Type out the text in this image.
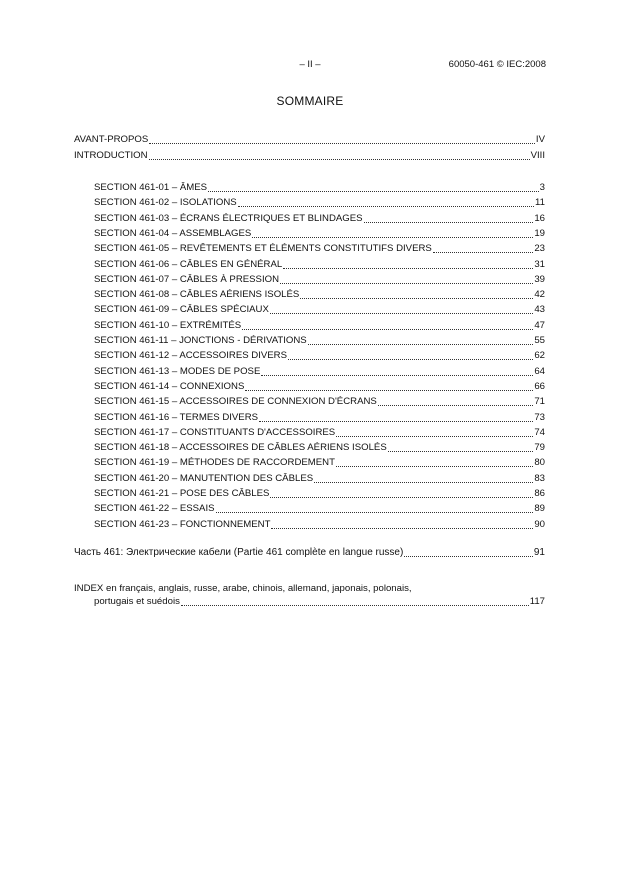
– II –	60050-461 © IEC:2008
SOMMAIRE
AVANT-PROPOS	IV
INTRODUCTION	VIII
SECTION 461-01 – ÂMES	3
SECTION 461-02 – ISOLATIONS	11
SECTION 461-03 – ÉCRANS ÉLECTRIQUES ET BLINDAGES	16
SECTION 461-04 – ASSEMBLAGES	19
SECTION 461-05 – REVÊTEMENTS ET ÉLÉMENTS CONSTITUTIFS DIVERS	23
SECTION 461-06 – CÂBLES EN GÉNÉRAL	31
SECTION 461-07 – CÂBLES À PRESSION	39
SECTION 461-08 – CÂBLES AÉRIENS ISOLÉS	42
SECTION 461-09 – CÂBLES SPÉCIAUX	43
SECTION 461-10 – EXTRÉMITÉS	47
SECTION 461-11 – JONCTIONS - DÉRIVATIONS	55
SECTION 461-12 – ACCESSOIRES DIVERS	62
SECTION 461-13 – MODES DE POSE	64
SECTION 461-14 – CONNEXIONS	66
SECTION 461-15 – ACCESSOIRES DE CONNEXION D'ÉCRANS	71
SECTION 461-16 – TERMES DIVERS	73
SECTION 461-17 – CONSTITUANTS D'ACCESSOIRES	74
SECTION 461-18 – ACCESSOIRES DE CÂBLES AÉRIENS ISOLÉS	79
SECTION 461-19 – MÉTHODES DE RACCORDEMENT	80
SECTION 461-20 – MANUTENTION DES CÂBLES	83
SECTION 461-21 – POSE DES CÂBLES	86
SECTION 461-22 – ESSAIS	89
SECTION 461-23 – FONCTIONNEMENT	90
Часть 461: Электрические кабели (Partie 461 complète en langue russe)	91
INDEX en français, anglais, russe, arabe, chinois, allemand, japonais, polonais,
portugais et suédois	117
